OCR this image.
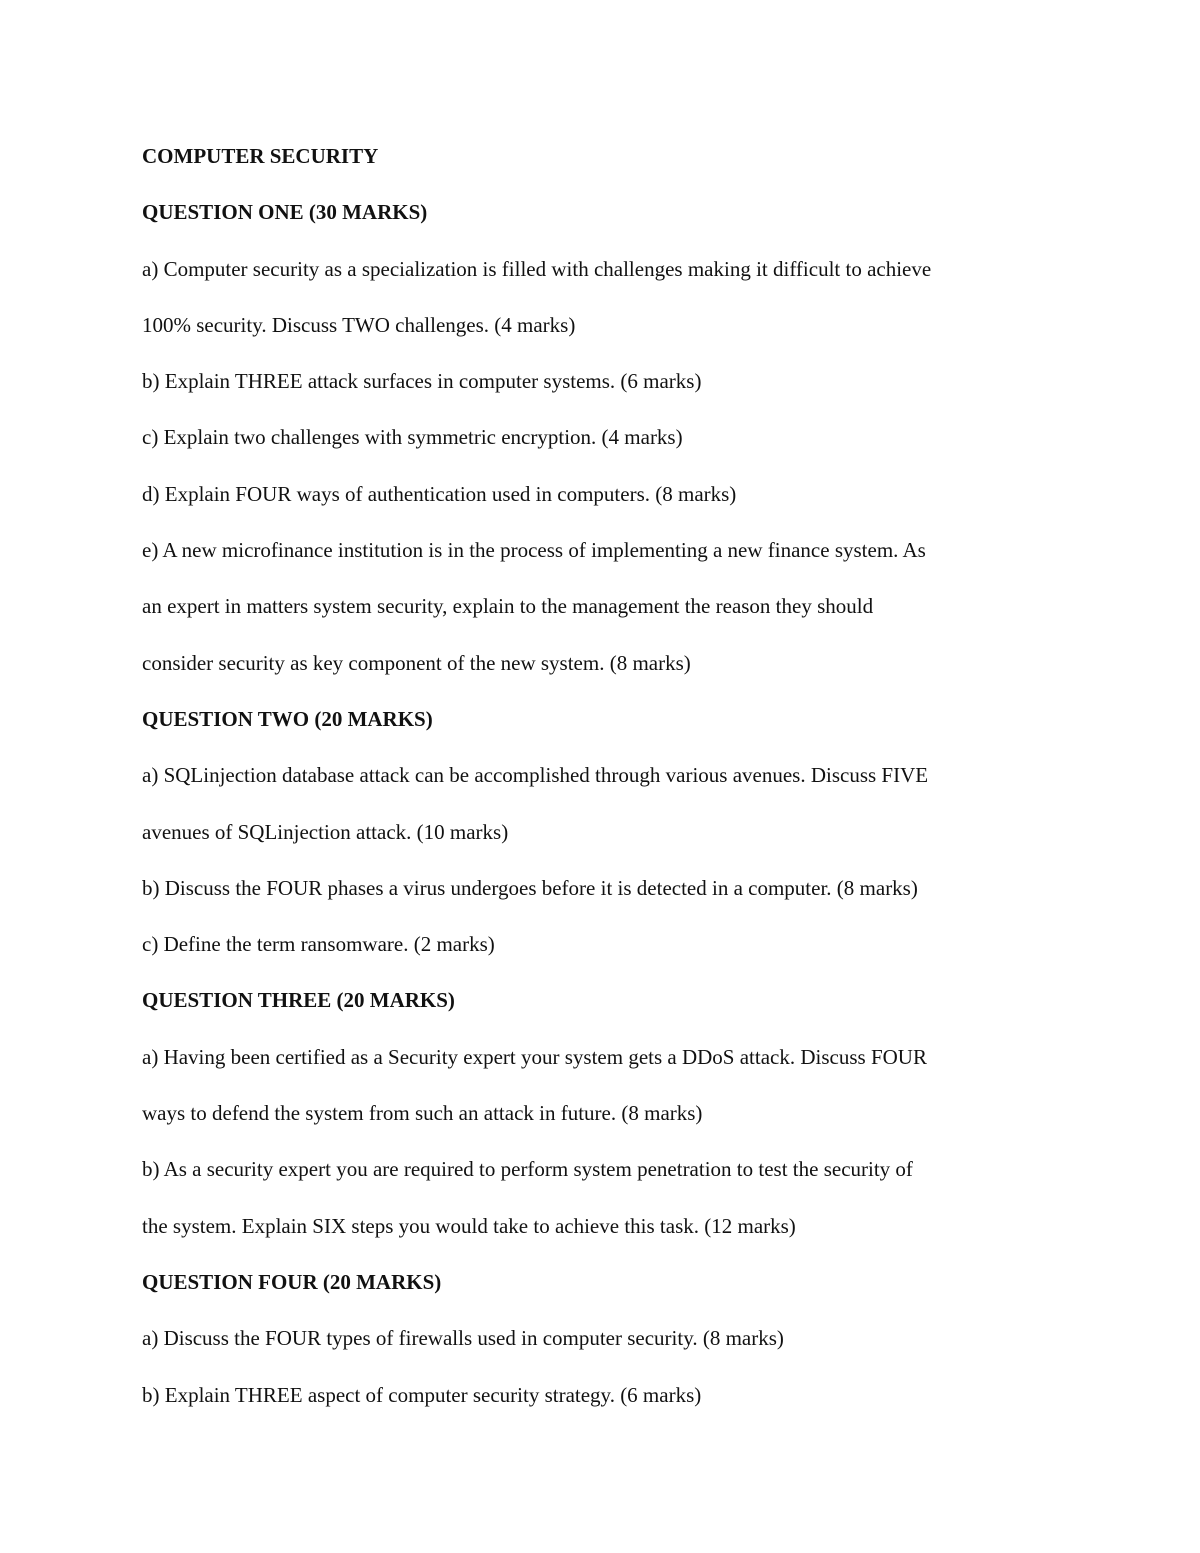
COMPUTER SECURITY
QUESTION ONE (30 MARKS)
a) Computer security as a specialization is filled with challenges making it difficult to achieve
100% security. Discuss TWO challenges. (4 marks)
b) Explain THREE attack surfaces in computer systems. (6 marks)
c) Explain two challenges with symmetric encryption. (4 marks)
d) Explain FOUR ways of authentication used in computers. (8 marks)
e) A new microfinance institution is in the process of implementing a new finance system. As
an expert in matters system security, explain to the management the reason they should
consider security as key component of the new system. (8 marks)
QUESTION TWO (20 MARKS)
a) SQLinjection database attack can be accomplished through various avenues. Discuss FIVE
avenues of SQLinjection attack. (10 marks)
b) Discuss the FOUR phases a virus undergoes before it is detected in a computer. (8 marks)
c) Define the term ransomware. (2 marks)
QUESTION THREE (20 MARKS)
a) Having been certified as a Security expert your system gets a DDoS attack. Discuss FOUR
ways to defend the system from such an attack in future. (8 marks)
b) As a security expert you are required to perform system penetration to test the security of
the system. Explain SIX steps you would take to achieve this task. (12 marks)
QUESTION FOUR (20 MARKS)
a) Discuss the FOUR types of firewalls used in computer security. (8 marks)
b) Explain THREE aspect of computer security strategy. (6 marks)
